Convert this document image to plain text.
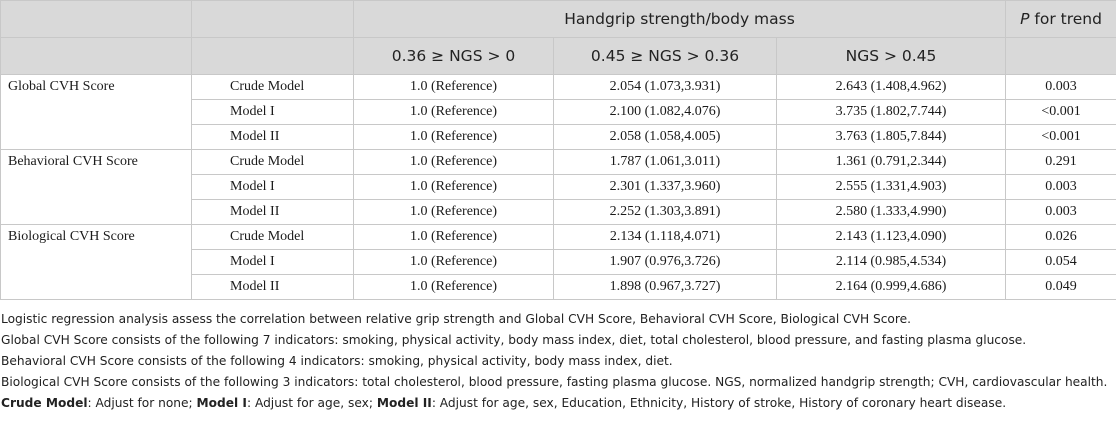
		Handgrip strength/body mass			P for trend
		0.36 ≥ NGS > 0	0.45 ≥ NGS > 0.36	NGS > 0.45	
Global CVH Score	Crude Model	1.0 (Reference)	2.054 (1.073,3.931)	2.643 (1.408,4.962)	0.003
	Model I	1.0 (Reference)	2.100 (1.082,4.076)	3.735 (1.802,7.744)	<0.001
	Model II	1.0 (Reference)	2.058 (1.058,4.005)	3.763 (1.805,7.844)	<0.001
Behavioral CVH Score	Crude Model	1.0 (Reference)	1.787 (1.061,3.011)	1.361 (0.791,2.344)	0.291
	Model I	1.0 (Reference)	2.301 (1.337,3.960)	2.555 (1.331,4.903)	0.003
	Model II	1.0 (Reference)	2.252 (1.303,3.891)	2.580 (1.333,4.990)	0.003
Biological CVH Score	Crude Model	1.0 (Reference)	2.134 (1.118,4.071)	2.143 (1.123,4.090)	0.026
	Model I	1.0 (Reference)	1.907 (0.976,3.726)	2.114 (0.985,4.534)	0.054
	Model II	1.0 (Reference)	1.898 (0.967,3.727)	2.164 (0.999,4.686)	0.049

Logistic regression analysis assess the correlation between relative grip strength and Global CVH Score, Behavioral CVH Score, Biological CVH Score.

Global CVH Score consists of the following 7 indicators: smoking, physical activity, body mass index, diet, total cholesterol, blood pressure, and fasting plasma glucose.

Behavioral CVH Score consists of the following 4 indicators: smoking, physical activity, body mass index, diet.

Biological CVH Score consists of the following 3 indicators: total cholesterol, blood pressure, fasting plasma glucose. NGS, normalized handgrip strength; CVH, cardiovascular health.

Crude Model: Adjust for none; Model I: Adjust for age, sex; Model II: Adjust for age, sex, Education, Ethnicity, History of stroke, History of coronary heart disease.
